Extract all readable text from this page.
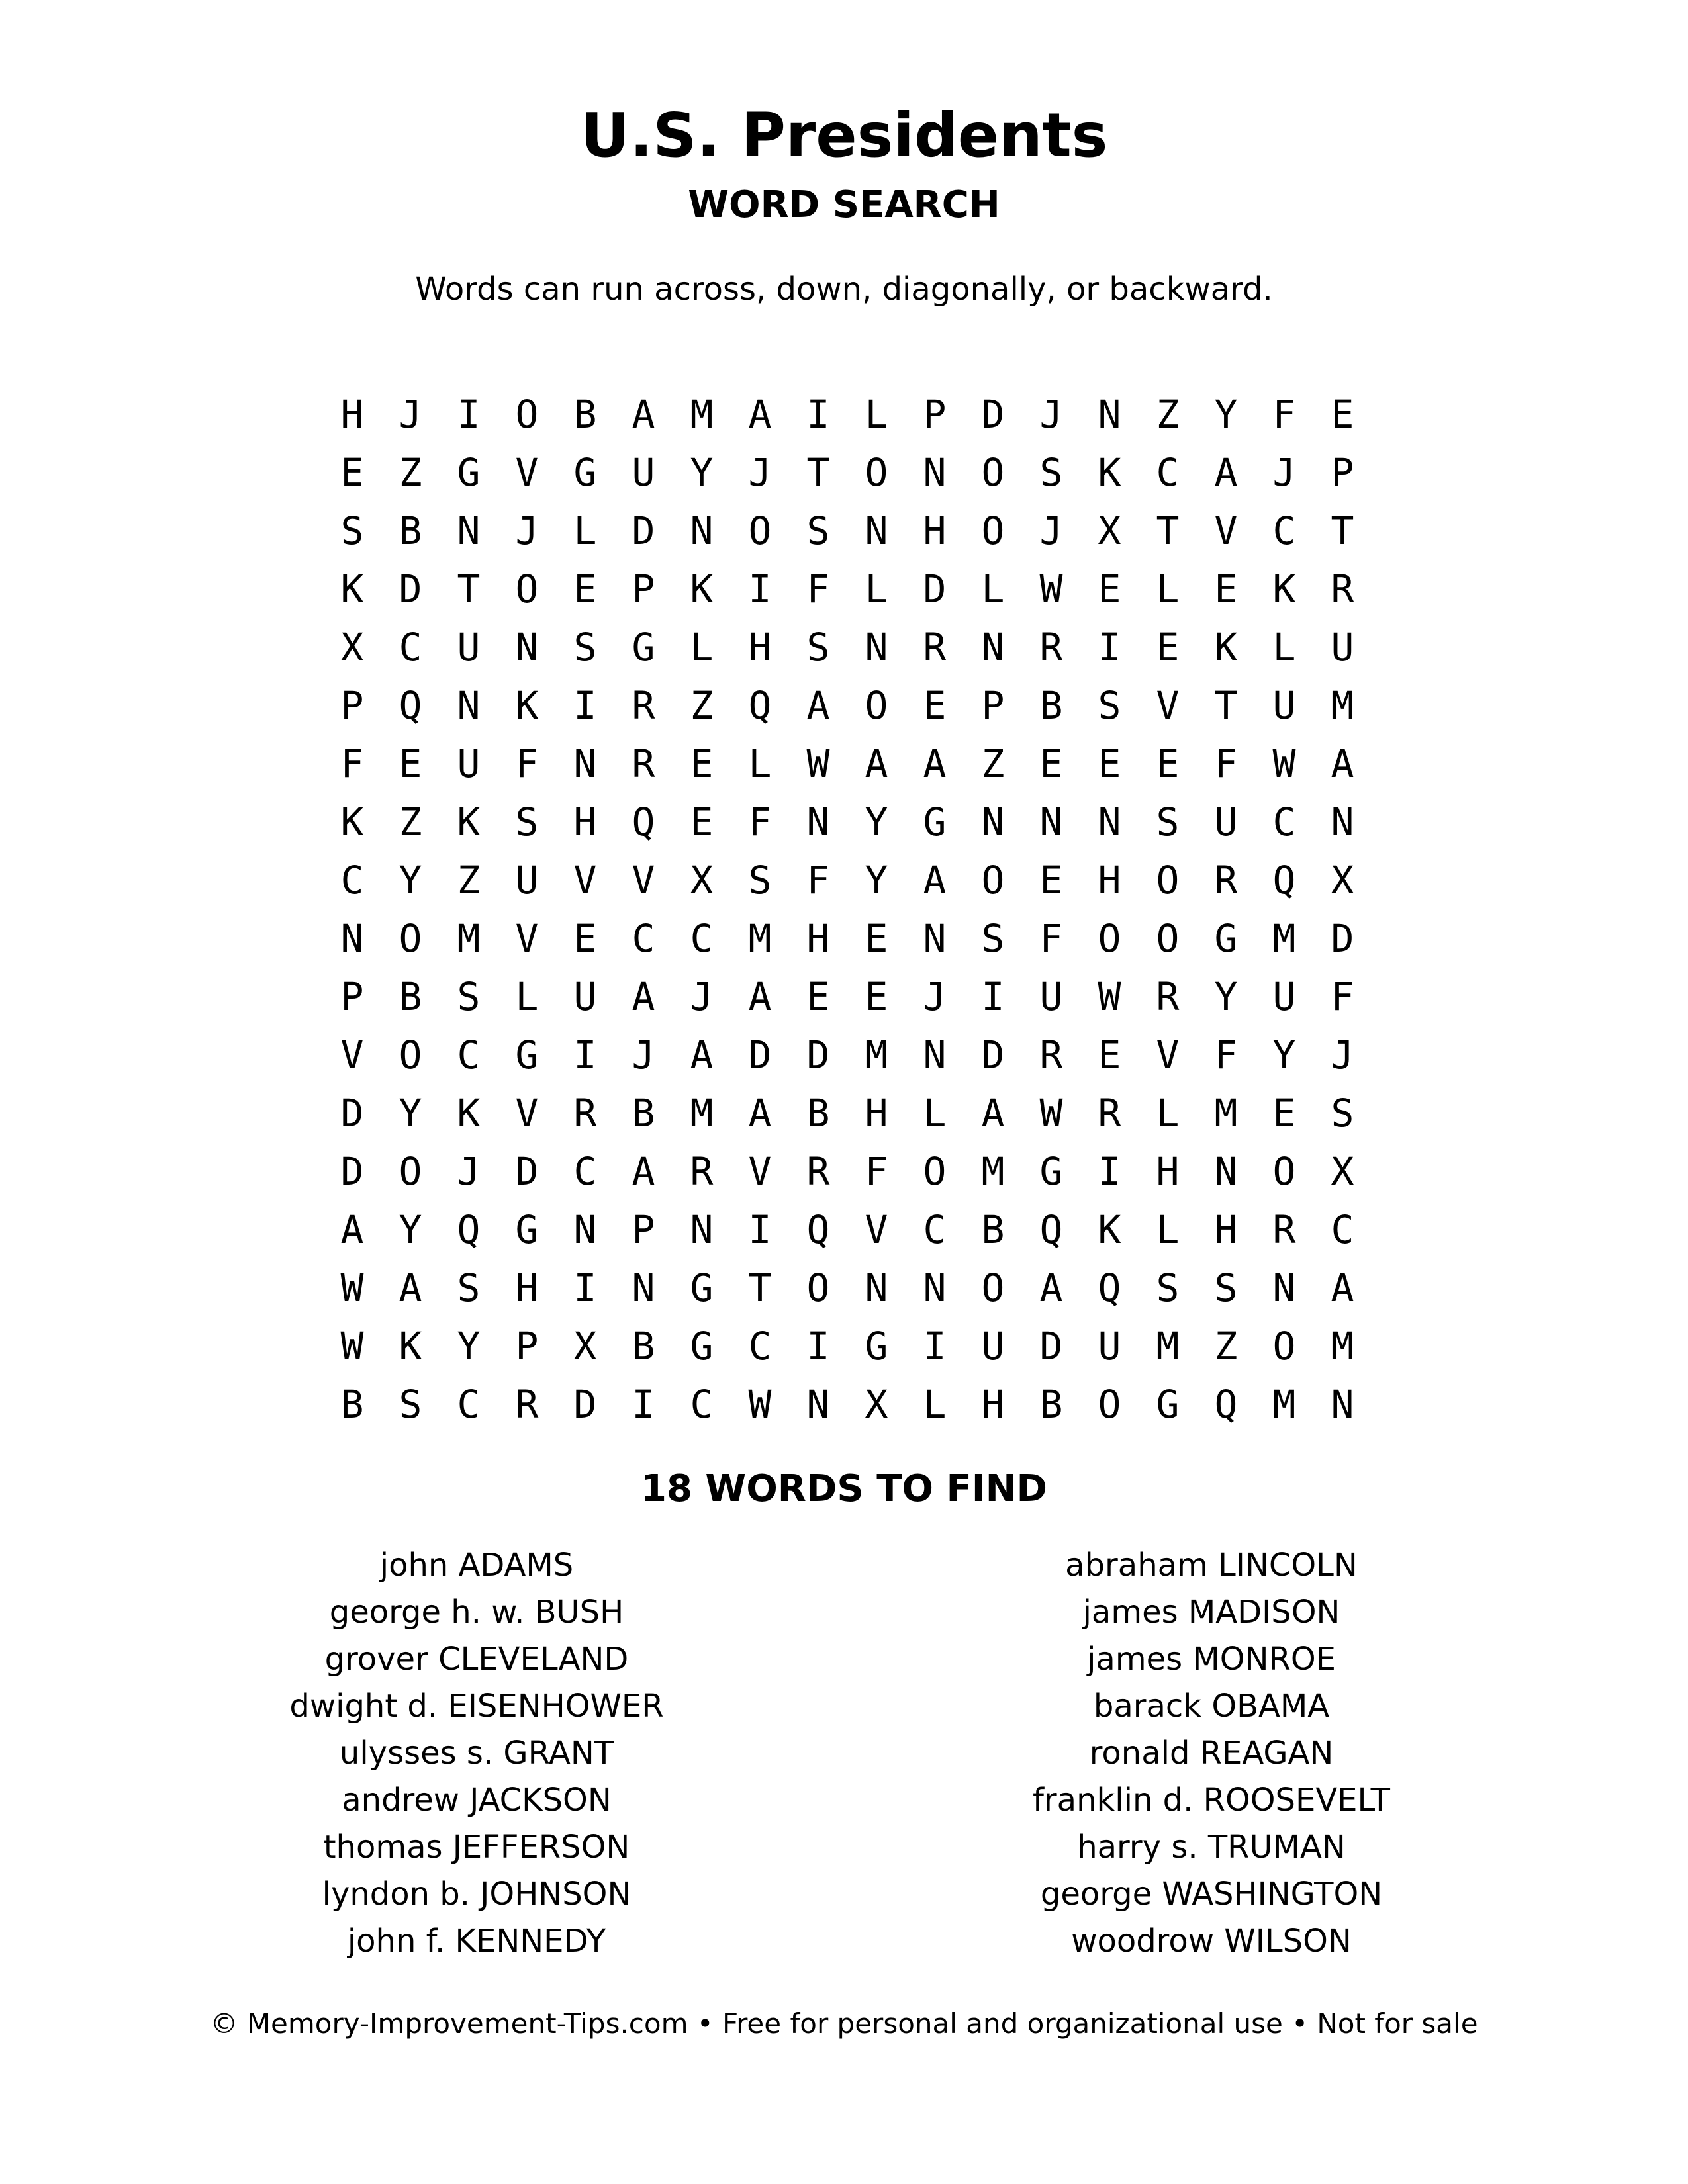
U.S. Presidents
WORD SEARCH
Words can run across, down, diagonally, or backward.
H J I O B A M A I L P D J N Z Y F E
E Z G V G U Y J T O N O S K C A J P
S B N J L D N O S N H O J X T V C T
K D T O E P K I F L D L W E L E K R
X C U N S G L H S N R N R I E K L U
P Q N K I R Z Q A O E P B S V T U M
F E U F N R E L W A A Z E E E F W A
K Z K S H Q E F N Y G N N N S U C N
C Y Z U V V X S F Y A O E H O R Q X
N O M V E C C M H E N S F O O G M D
P B S L U A J A E E J I U W R Y U F
V O C G I J A D D M N D R E V F Y J
D Y K V R B M A B H L A W R L M E S
D O J D C A R V R F O M G I H N O X
A Y Q G N P N I Q V C B Q K L H R C
W A S H I N G T O N N O A Q S S N A
W K Y P X B G C I G I U D U M Z O M
B S C R D I C W N X L H B O G Q M N
18 WORDS TO FIND
john ADAMS
george h. w. BUSH
grover CLEVELAND
dwight d. EISENHOWER
ulysses s. GRANT
andrew JACKSON
thomas JEFFERSON
lyndon b. JOHNSON
john f. KENNEDY
abraham LINCOLN
james MADISON
james MONROE
barack OBAMA
ronald REAGAN
franklin d. ROOSEVELT
harry s. TRUMAN
george WASHINGTON
woodrow WILSON
© Memory-Improvement-Tips.com • Free for personal and organizational use • Not for sale
